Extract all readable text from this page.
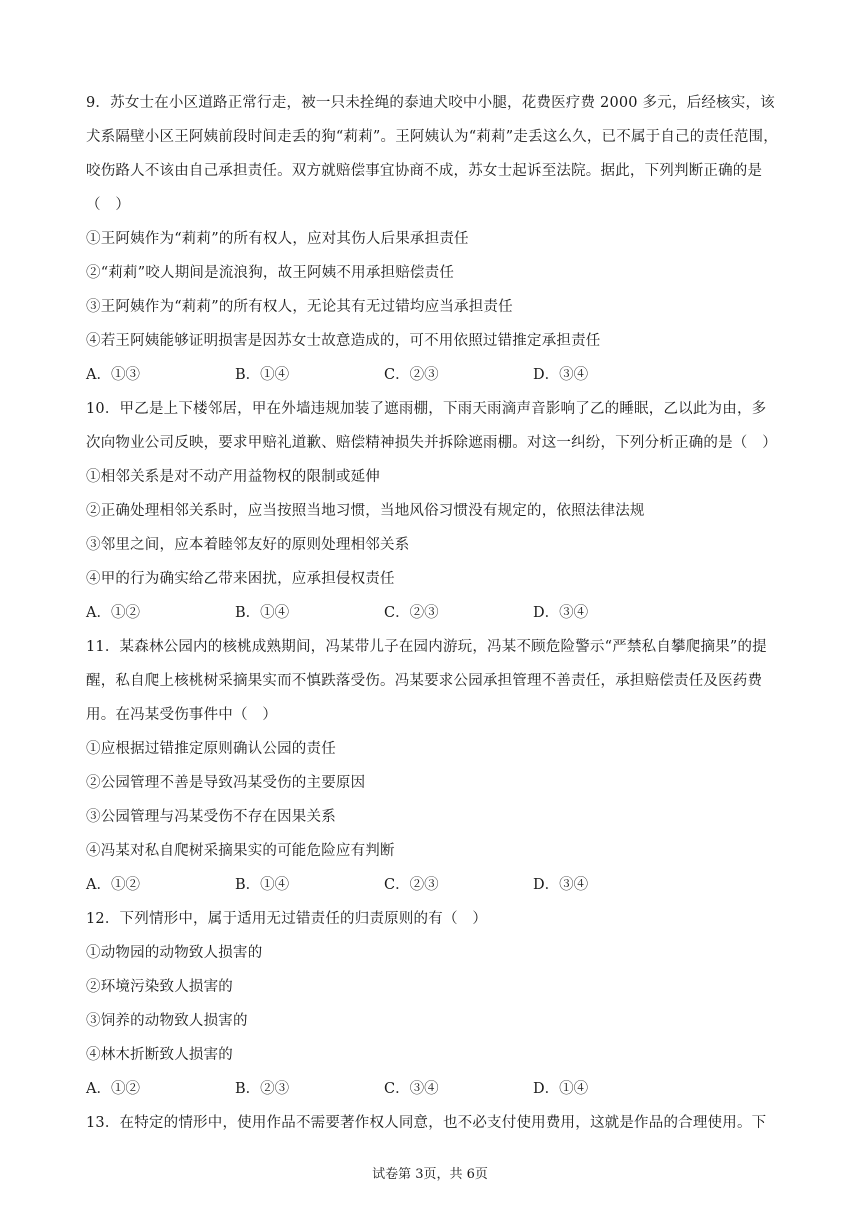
9．苏女士在小区道路正常行走，被一只未拴绳的泰迪犬咬中小腿，花费医疗费 2000 多元，后经核实，该
犬系隔壁小区王阿姨前段时间走丢的狗“莉莉”。王阿姨认为“莉莉”走丢这么久，已不属于自己的责任范围，
咬伤路人不该由自己承担责任。双方就赔偿事宜协商不成，苏女士起诉至法院。据此，下列判断正确的是
（　）
①王阿姨作为“莉莉”的所有权人，应对其伤人后果承担责任
②“莉莉”咬人期间是流浪狗，故王阿姨不用承担赔偿责任
③王阿姨作为“莉莉”的所有权人，无论其有无过错均应当承担责任
④若王阿姨能够证明损害是因苏女士故意造成的，可不用依照过错推定承担责任
A．①③	B．①④	C．②③	D．③④
10．甲乙是上下楼邻居，甲在外墙违规加装了遮雨棚，下雨天雨滴声音影响了乙的睡眠，乙以此为由，多
次向物业公司反映，要求甲赔礼道歉、赔偿精神损失并拆除遮雨棚。对这一纠纷，下列分析正确的是（　）
①相邻关系是对不动产用益物权的限制或延伸
②正确处理相邻关系时，应当按照当地习惯，当地风俗习惯没有规定的，依照法律法规
③邻里之间，应本着睦邻友好的原则处理相邻关系
④甲的行为确实给乙带来困扰，应承担侵权责任
A．①②	B．①④	C．②③	D．③④
11．某森林公园内的核桃成熟期间，冯某带儿子在园内游玩，冯某不顾危险警示“严禁私自攀爬摘果”的提
醒，私自爬上核桃树采摘果实而不慎跌落受伤。冯某要求公园承担管理不善责任，承担赔偿责任及医药费
用。在冯某受伤事件中（　）
①应根据过错推定原则确认公园的责任
②公园管理不善是导致冯某受伤的主要原因
③公园管理与冯某受伤不存在因果关系
④冯某对私自爬树采摘果实的可能危险应有判断
A．①②	B．①④	C．②③	D．③④
12．下列情形中，属于适用无过错责任的归责原则的有（　）
①动物园的动物致人损害的
②环境污染致人损害的
③饲养的动物致人损害的
④林木折断致人损害的
A．①②	B．②③	C．③④	D．①④
13．在特定的情形中，使用作品不需要著作权人同意，也不必支付使用费用，这就是作品的合理使用。下
试卷第 3页，共 6页
